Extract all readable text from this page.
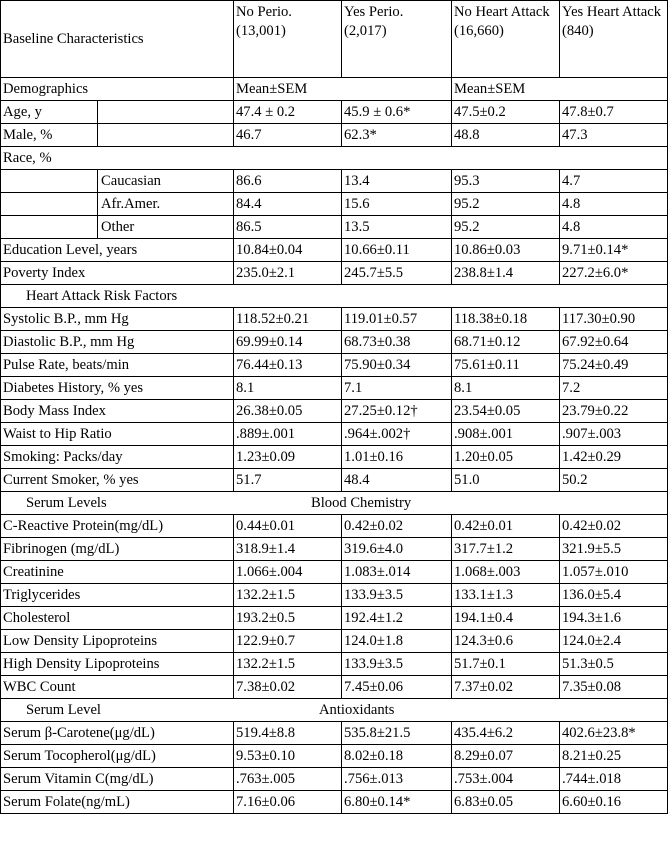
Baseline Characteristics		No Perio. (13,001)	Yes Perio. (2,017)	No Heart Attack (16,660)	Yes Heart Attack (840)
Demographics		Mean±SEM		Mean±SEM	
Age, y		47.4 ± 0.2	45.9 ± 0.6*	47.5±0.2	47.8±0.7
Male, %		46.7	62.3*	48.8	47.3
Race, %					
	Caucasian	86.6	13.4	95.3	4.7
	Afr.Amer.	84.4	15.6	95.2	4.8
	Other	86.5	13.5	95.2	4.8
Education Level, years		10.84±0.04	10.66±0.11	10.86±0.03	9.71±0.14*
Poverty Index		235.0±2.1	245.7±5.5	238.8±1.4	227.2±6.0*
Heart Attack Risk Factors					
Systolic B.P., mm Hg		118.52±0.21	119.01±0.57	118.38±0.18	117.30±0.90
Diastolic B.P., mm Hg		69.99±0.14	68.73±0.38	68.71±0.12	67.92±0.64
Pulse Rate, beats/min		76.44±0.13	75.90±0.34	75.61±0.11	75.24±0.49
Diabetes History, % yes		8.1	7.1	8.1	7.2
Body Mass Index		26.38±0.05	27.25±0.12†	23.54±0.05	23.79±0.22
Waist to Hip Ratio		.889±.001	.964±.002†	.908±.001	.907±.003
Smoking: Packs/day		1.23±0.09	1.01±0.16	1.20±0.05	1.42±0.29
Current Smoker, % yes		51.7	48.4	51.0	50.2
Serum Levels Blood Chemistry					

C-Reactive Protein(mg/dL)		0.44±0.01	0.42±0.02	0.42±0.01	0.42±0.02
Fibrinogen (mg/dL)		318.9±1.4	319.6±4.0	317.7±1.2	321.9±5.5
Creatinine		1.066±.004	1.083±.014	1.068±.003	1.057±.010
Triglycerides		132.2±1.5	133.9±3.5	133.1±1.3	136.0±5.4
Cholesterol		193.2±0.5	192.4±1.2	194.1±0.4	194.3±1.6
Low Density Lipoproteins		122.9±0.7	124.0±1.8	124.3±0.6	124.0±2.4
High Density Lipoproteins		132.2±1.5	133.9±3.5	51.7±0.1	51.3±0.5
WBC Count		7.38±0.02	7.45±0.06	7.37±0.02	7.35±0.08
Serum Level Antioxidants					

Serum β-Carotene(μg/dL)		519.4±8.8	535.8±21.5	435.4±6.2	402.6±23.8*
Serum Tocopherol(μg/dL)		9.53±0.10	8.02±0.18	8.29±0.07	8.21±0.25
Serum Vitamin C(mg/dL)		.763±.005	.756±.013	.753±.004	.744±.018
Serum Folate(ng/mL)		7.16±0.06	6.80±0.14*	6.83±0.05	6.60±0.16
